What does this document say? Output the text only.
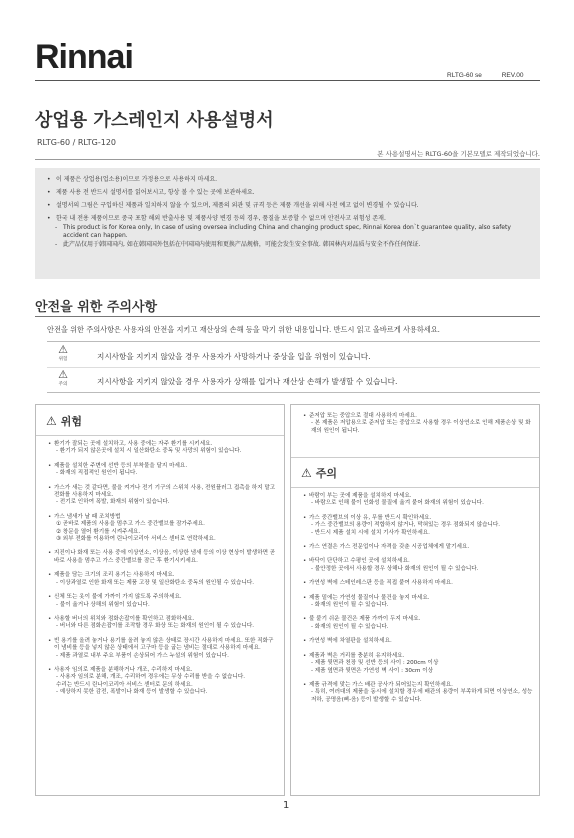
Rinnai	RLTG-60 se	REV.00
상업용 가스레인지 사용설명서
RLTG-60 / RLTG-120
본 사용설명서는 RLTG-60을 기본모델로 제작되었습니다.
• 이 제품은 상업용(업소용)이므로 가정용으로 사용하지 마세요.
• 제품 사용 전 반드시 설명서를 읽어보시고, 항상 볼 수 있는 곳에 보관하세요.
• 설명서의 그림은 구입하신 제품과 일치하지 않을 수 있으며, 제품의 외관 및 규격 등은 제품 개선을 위해 사전 예고 없이 변경될 수 있습니다.
• 한국 내 전용 제품이므로 중국 포함 해외 반출사용 및 제품사양 변경 등의 경우, 품질을 보증할 수 없으며 안전사고 위험성 존재.
- This product is for Korea only, In case of using oversea including China and changing product spec, Rinnai Korea don`t guarantee quality, also safety accident can happen.
- 此产品仅用于韩国国内, 如在韩国国外包括在中国国内使用和更换产品规格，可能会发生安全事故. 韩国林内对品质与安全不作任何保证.
안전을 위한 주의사항
안전을 위한 주의사항은 사용자의 안전을 지키고 재산상의 손해 등을 막기 위한 내용입니다. 반드시 읽고 올바르게 사용하세요.
⚠
위험	지시사항을 지키지 않았을 경우 사용자가 사망하거나 중상을 입을 위험이 있습니다.
⚠
주의	지시사항을 지키지 않았을 경우 사용자가 상해를 입거나 재산상 손해가 발생할 수 있습니다.
⚠ 위험
• 환기가 잘되는 곳에 설치하고, 사용 중에는 자주 환기를 시키세요.
- 환기가 되지 않은곳에 설치 시 일산화탄소 중독 및 사망의 위험이 있습니다.
• 제품을 설치한 주변에 선반 등의 부착물을 달지 마세요.
- 화재의 직접적인 원인이 됩니다.
• 가스가 새는 것 같다면, 불을 켜거나 전기 기구의 스위치 사용, 전원플러그 접촉을 하지 말고 전화를 사용하지 마세요.
- 전기로 인하여 폭발, 화재의 위험이 있습니다.
• 가스 냄새가 날 때 조치방법
① 곧바로 제품의 사용을 멈추고 가스 중간밸브를 잠가주세요.
② 창문을 열어 환기를 시켜주세요.
③ 외부 전화를 이용하여 린나이코리아 서비스 센터로 연락하세요.
• 지진이나 화재 또는 사용 중에 이상연소, 이상음, 이상한 냄새 등의 이상 현상이 발생하면 곧바로 사용을 멈추고 가스 중간밸브를 잠근 후 환기시키세요.
• 제품을 담는 크기의 조리 용기는 사용하지 마세요.
- 이상과열로 인한 화재 또는 제품 고장 및 일산화탄소 중독의 원인될 수 있습니다.
• 신체 또는 옷이 불에 가까이 가지 않도록 주의하세요.
- 불이 옮거나 상해의 위험이 있습니다.
• 사용할 버너의 위치와 점화손잡이를 확인하고 점화하세요.
- 버너와 다른 점화손잡이를 조작할 경우 화상 또는 화재의 원인이 될 수 있습니다.
• 빈 용기를 올려 놓거나 용기를 올려 놓지 않은 상태로 장시간 사용하지 마세요. 또한 직화구이 냄비를 등을 넣지 않은 상태에서 고구마 등을 굽는 냄비는 절대로 사용하지 마세요.
- 제품 과열로 내부 주요 부품이 손상되어 가스 누설의 위험이 있습니다.
• 사용자 임의로 제품을 분해하거나 개조, 수리하지 마세요.
- 사용자 임의로 분해, 개조, 수리하여 경우에는 무상 수리를 받을 수 없습니다.
수리는 반드시 린나이코리아 서비스 센터로 문의 하세요.
- 예상하지 못한 감전, 폭발이나 화재 등이 발생할 수 있습니다.
• 준저압 또는 중압으로 절대 사용하지 마세요.
- 본 제품은 저압용으로 준저압 또는 중압으로 사용할 경우 이상연소로 인해 제품손상 및 화재의 원인이 됩니다.
⚠ 주의
• 바람이 부는 곳에 제품을 설치하지 마세요.
- 바람으로 인해 불이 인화성 물질에 옮겨 붙어 화재의 위험이 있습니다.
• 가스 중간밸브의 이상 유, 무를 반드시 확인하세요.
- 가스 중간밸브의 용량이 적합하지 않거나, 막혀있는 경우 점화되지 않습니다.
- 반드시 제품 설치 시에 설치 기사가 확인하세요.
• 가스 연결은 가스 전문업이나 자격을 갖춘 시공업체에게 맡기세요.
• 바닥이 단단하고 수평인 곳에 설치하세요.
- 불안정한 곳에서 사용할 경우 상해나 화재의 원인이 될 수 있습니다.
• 가연성 벽에 스테인레스판 등을 직접 붙여 사용하지 마세요.
• 제품 밑에는 가연성 물질이나 물건을 놓지 마세요.
- 화재의 원인이 될 수 있습니다.
• 불 붙기 쉬운 물건은 제품 가까이 두지 마세요.
- 화재의 원인이 될 수 있습니다.
• 가연성 벽에 차열판을 설치하세요.
• 제품과 벽은 거리를 충분히 유지하세요.
- 제품 뒷면과 천장 및 선반 등의 사이 : 200cm 이상
- 제품 옆면과 뒷면은 가연성 벽 사이 : 30cm 이상
• 제품 규격에 맞는 가스 배관 공사가 되어있는지 확인하세요.
- 특히, 여러대의 제품을 동시에 설치할 경우에 배관의 용량이 부족하게 되면 이상연소, 성능저하, 공명음(삐-음) 등이 발생할 수 있습니다.
1
